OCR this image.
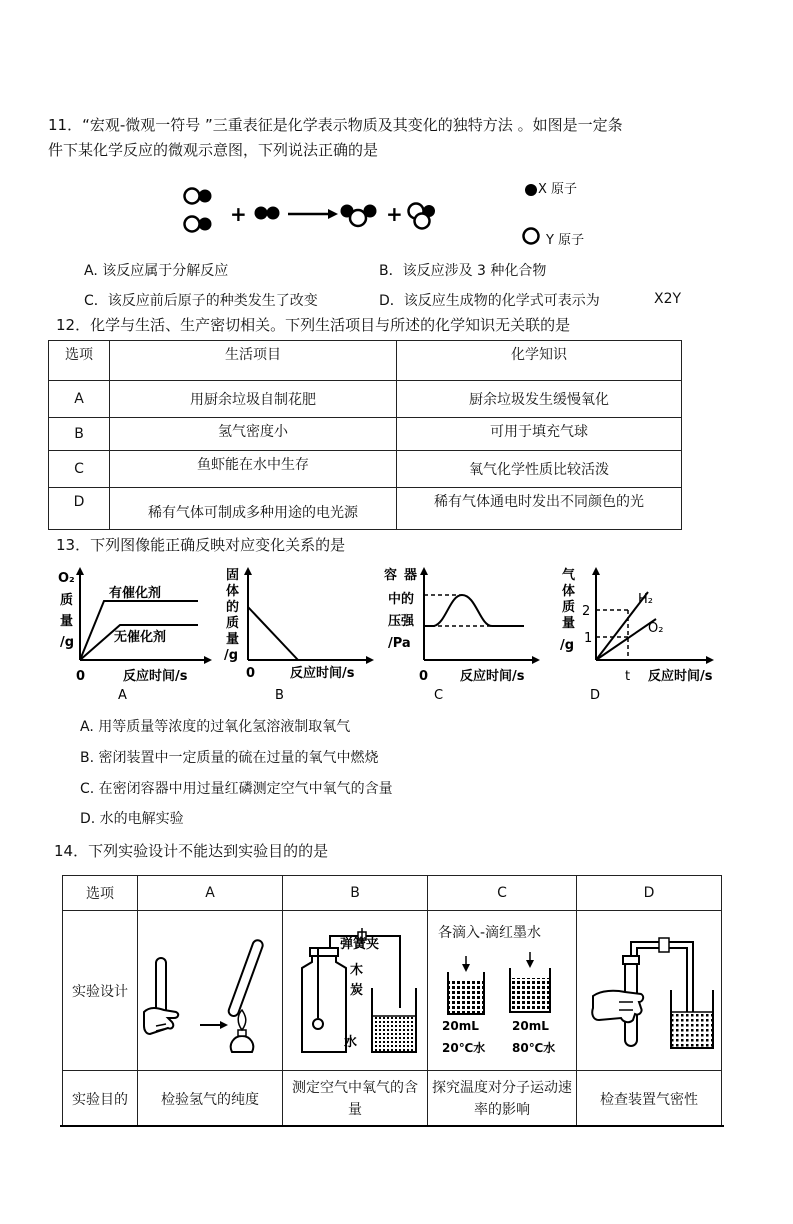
11．“宏观-微观一符号 ”三重表征是化学表示物质及其变化的独特方法 。如图是一定条
件下某化学反应的微观示意图，下列说法正确的是
+	+
X 原子
Y 原子
A. 该反应属于分解反应	B．该反应涉及 3 种化合物
C．该反应前后原子的种类发生了改变	D．该反应生成物的化学式可表示为	X2Y
12．化学与生活、生产密切相关。下列生活项目与所述的化学知识无关联的是
选项	生活项目	化学知识
A	用厨余垃圾自制花肥	厨余垃圾发生缓慢氧化
B	氢气密度小	可用于填充气球
C	鱼虾能在水中生存	氧气化学性质比较活泼
D	稀有气体可制成多种用途的电光源	稀有气体通电时发出不同颜色的光
13．下列图像能正确反映对应变化关系的是
O₂
质
量
/g
有催化剂
无催化剂
0	反应时间/s
A
固
体
的
质
量
/g
0	反应时间/s
B
容 器
中的
压强
/Pa
0 反应时间/s
C
气
体
质
量
/g
2
1
H₂
O₂
t 反应时间/s
D
A. 用等质量等浓度的过氧化氢溶液制取氧气
B. 密闭装置中一定质量的硫在过量的氧气中燃烧
C. 在密闭容器中用过量红磷测定空气中氧气的含量
D. 水的电解实验
14．下列实验设计不能达到实验目的的是
选项	A	B	C	D
实验设计				
实验目的	检验氢气的纯度	测定空气中氧气的含量	探究温度对分子运动速率的影响	检查装置气密性
弹簧夹
木
炭
水
各滴入-滴红墨水
20mL
20℃水
20mL
80℃水
